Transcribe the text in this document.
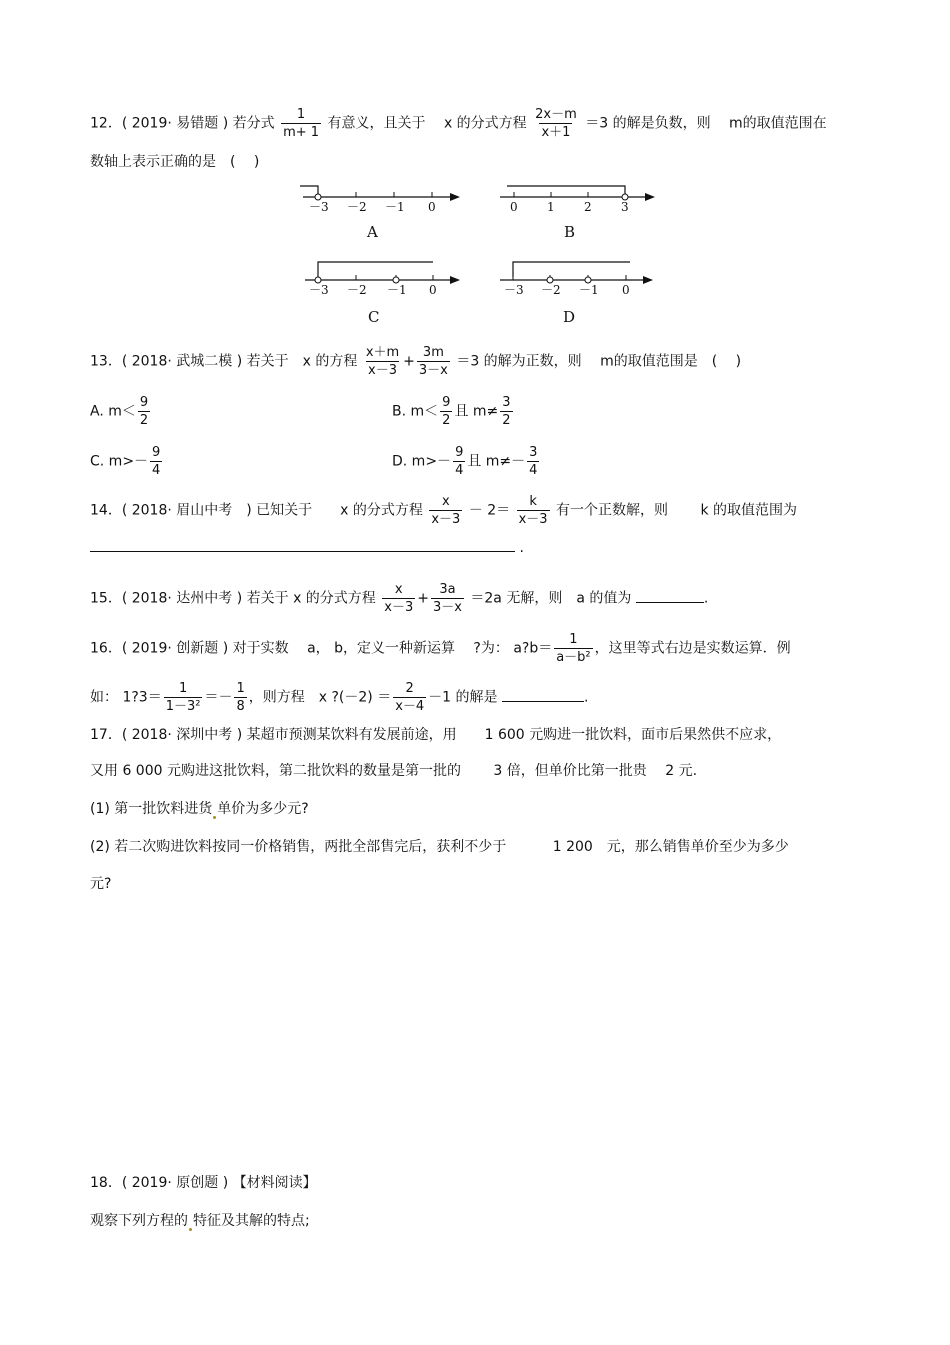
12．( 2019· 易错题 ) 若分式 $\frac{1}{m+ 1}$ 有意义，且关于　 x 的分式方程 $\frac{2x-m}{x+1} =3$ 的解是负数，则　 m的取值范围在
数轴上表示正确的是　(　 )
－3 －2 －1 0
A
0 1 2 3
B
－3 －2 －1 0
C
－3 －2 －1 0
D
13．( 2018· 武城二模 ) 若关于　x 的方程 $\frac{x+m}{x-3} + \frac{3m}{3-x} =3$ 的解为正数，则　 m的取值范围是　(　 )
A. $m< \frac{9}{2}$	B. $m< \frac{9}{2}$ 且 $m\ne \frac{3}{2}$
C. $m>- \frac{9}{4}$	D. $m>- \frac{9}{4}$ 且 $m\ne- \frac{3}{4}$
14．( 2018· 眉山中考　) 已知关于　　x 的分式方程 $\frac{x}{x-3} - 2= \frac{k}{x-3}$ 有一个正数解，则　　 k 的取值范围为
.
15．( 2018· 达州中考 ) 若关于 x 的分式方程 $\frac{x}{x-3} + \frac{3a}{3-x} =2a$ 无解，则　a 的值为	.
16．( 2019· 创新题 ) 对于实数　 a， b，定义一种新运算　 ?为： a?b＝ $\frac{1}{\text{a－b²}}$ ，这里等式右边是实数运算．例
如： 1?3＝ $\frac{1}{\text{1－3²}} =- \frac{1}{8}$ ，则方程　x ?(－2) ＝ $\frac{2}{x-4} -1$ 的解是	.
17．( 2018· 深圳中考 ) 某超市预测某饮料有发展前途，用　　1 600 元购进一批饮料，面市后果然供不应求，
又用 6 000 元购进这批饮料，第二批饮料的数量是第一批的　　 3 倍，但单价比第一批贵　 2 元.
(1) 第一批饮料进货 单价为多少元?
(2) 若二次购进饮料按同一价格销售，两批全部售完后，获利不少于　　　 1 200　元，那么销售单价至少为多少
元?
18．( 2019· 原创题 ) 【材料阅读】
观察下列方程的 特征及其解的特点;
